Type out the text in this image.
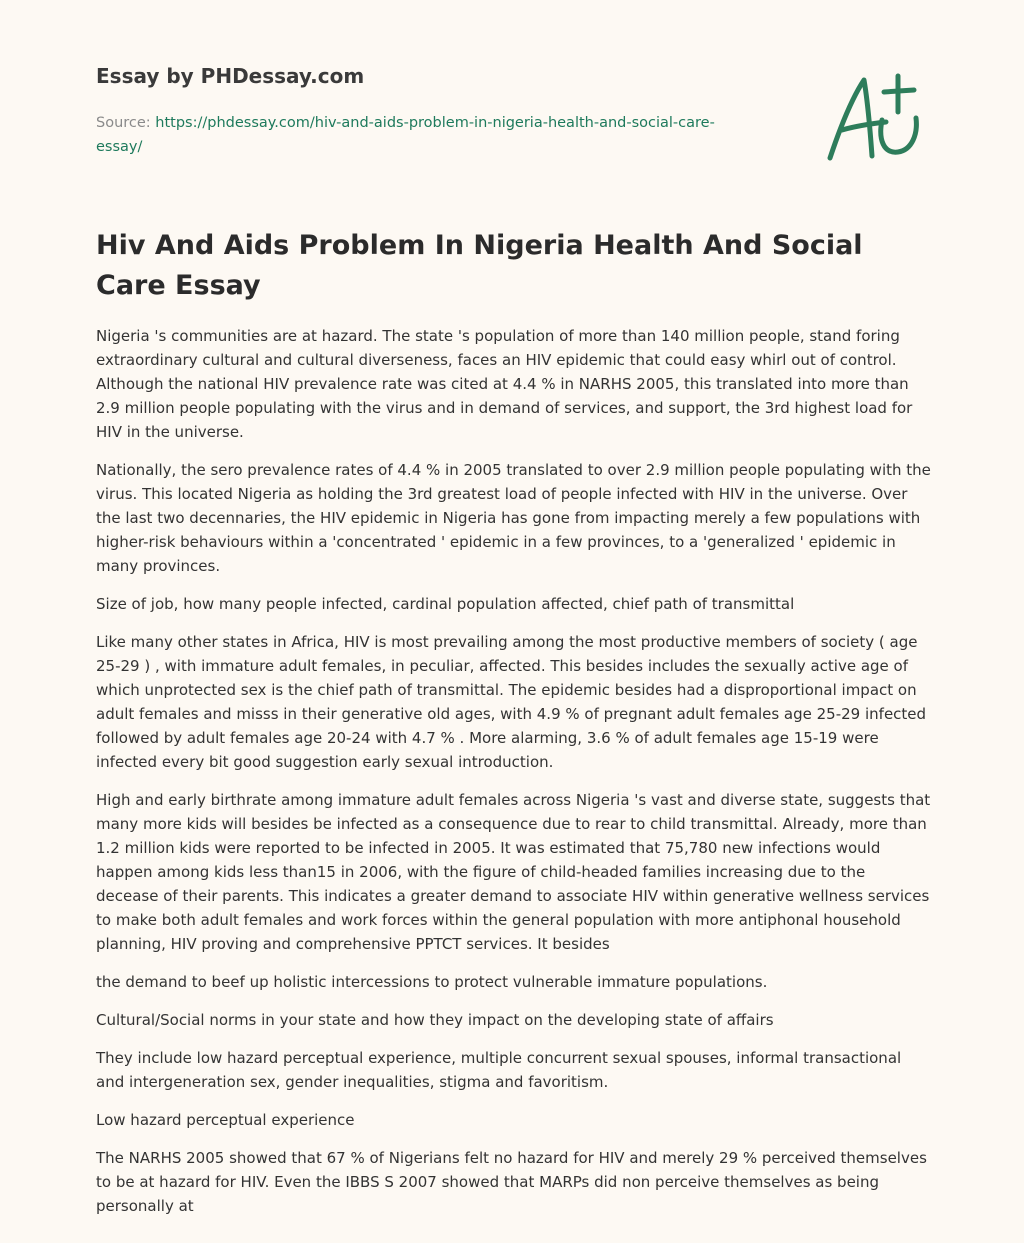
Essay by PHDessay.com
Source: https://phdessay.com/hiv-and-aids-problem-in-nigeria-health-and-social-care-essay/
Hiv And Aids Problem In Nigeria Health And Social Care Essay

Nigeria 's communities are at hazard. The state 's population of more than 140 million people, stand foring extraordinary cultural and cultural diverseness, faces an HIV epidemic that could easy whirl out of control. Although the national HIV prevalence rate was cited at 4.4 % in NARHS 2005, this translated into more than 2.9 million people populating with the virus and in demand of services, and support, the 3rd highest load for HIV in the universe.

Nationally, the sero prevalence rates of 4.4 % in 2005 translated to over 2.9 million people populating with the virus. This located Nigeria as holding the 3rd greatest load of people infected with HIV in the universe. Over the last two decennaries, the HIV epidemic in Nigeria has gone from impacting merely a few populations with higher-risk behaviours within a 'concentrated ' epidemic in a few provinces, to a 'generalized ' epidemic in many provinces.

Size of job, how many people infected, cardinal population affected, chief path of transmittal

Like many other states in Africa, HIV is most prevailing among the most productive members of society ( age 25-29 ) , with immature adult females, in peculiar, affected. This besides includes the sexually active age of which unprotected sex is the chief path of transmittal. The epidemic besides had a disproportional impact on adult females and misss in their generative old ages, with 4.9 % of pregnant adult females age 25-29 infected followed by adult females age 20-24 with 4.7 % . More alarming, 3.6 % of adult females age 15-19 were infected every bit good suggestion early sexual introduction.

High and early birthrate among immature adult females across Nigeria 's vast and diverse state, suggests that many more kids will besides be infected as a consequence due to rear to child transmittal. Already, more than 1.2 million kids were reported to be infected in 2005. It was estimated that 75,780 new infections would happen among kids less than15 in 2006, with the figure of child-headed families increasing due to the decease of their parents. This indicates a greater demand to associate HIV within generative wellness services to make both adult females and work forces within the general population with more antiphonal household planning, HIV proving and comprehensive PPTCT services. It besides

the demand to beef up holistic intercessions to protect vulnerable immature populations.

Cultural/Social norms in your state and how they impact on the developing state of affairs

They include low hazard perceptual experience, multiple concurrent sexual spouses, informal transactional and intergeneration sex, gender inequalities, stigma and favoritism.

Low hazard perceptual experience

The NARHS 2005 showed that 67 % of Nigerians felt no hazard for HIV and merely 29 % perceived themselves to be at hazard for HIV. Even the IBBS S 2007 showed that MARPs did non perceive themselves as being personally at
